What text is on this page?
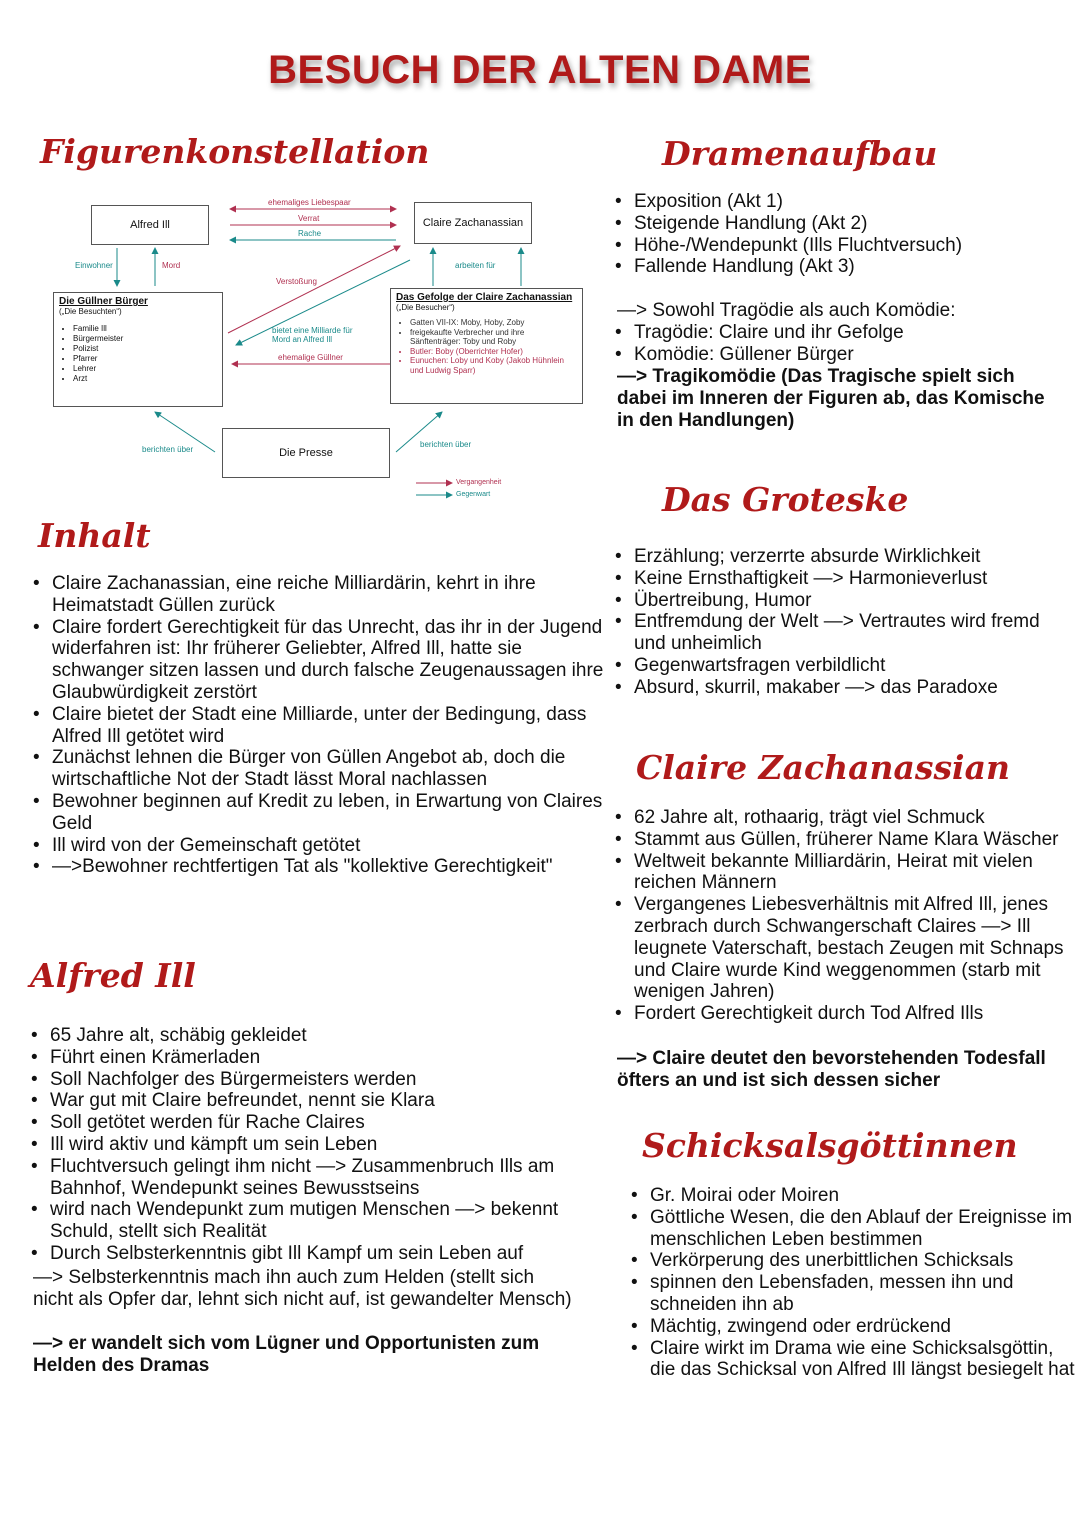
BESUCH DER ALTEN DAME
Figurenkonstellation
Alfred Ill	Claire Zachanassian
Die Güllner Bürger
(„Die Besuchten“)
• Familie Ill
• Bürgermeister
• Polizist
• Pfarrer
• Lehrer
• Arzt
Das Gefolge der Claire Zachanassian
(„Die Besucher“)
• Gatten VII-IX: Moby, Hoby, Zoby
• freigekaufte Verbrecher und ihre Sänftenträger: Toby und Roby
• Butler: Boby (Oberrichter Hofer)
• Eunuchen: Loby und Koby (Jakob Hühnlein und Ludwig Sparr)
Die Presse
ehemaliges Liebespaar
Verrat
Rache
Einwohner	Mord
Verstoßung
arbeiten für
bietet eine Milliarde für Mord an Alfred Ill
ehemalige Güllner
berichten über
berichten über
Vergangenheit
Gegenwart
Inhalt
• Claire Zachanassian, eine reiche Milliardärin, kehrt in ihre Heimatstadt Güllen zurück
• Claire fordert Gerechtigkeit für das Unrecht, das ihr in der Jugend widerfahren ist: Ihr früherer Geliebter, Alfred Ill, hatte sie schwanger sitzen lassen und durch falsche Zeugenaussagen ihre Glaubwürdigkeit zerstört
• Claire bietet der Stadt eine Milliarde, unter der Bedingung, dass Alfred Ill getötet wird
• Zunächst lehnen die Bürger von Güllen Angebot ab, doch die wirtschaftliche Not der Stadt lässt Moral nachlassen
• Bewohner beginnen auf Kredit zu leben, in Erwartung von Claires Geld
• Ill wird von der Gemeinschaft getötet
• —>Bewohner rechtfertigen Tat als "kollektive Gerechtigkeit"
Alfred Ill
• 65 Jahre alt, schäbig gekleidet
• Führt einen Krämerladen
• Soll Nachfolger des Bürgermeisters werden
• War gut mit Claire befreundet, nennt sie Klara
• Soll getötet werden für Rache Claires
• Ill wird aktiv und kämpft um sein Leben
• Fluchtversuch gelingt ihm nicht —> Zusammenbruch Ills am Bahnhof, Wendepunkt seines Bewusstseins
• wird nach Wendepunkt zum mutigen Menschen —> bekennt Schuld, stellt sich Realität
• Durch Selbsterkenntnis gibt Ill Kampf um sein Leben auf

—> Selbsterkenntnis mach ihn auch zum Helden (stellt sich nicht als Opfer dar, lehnt sich nicht auf, ist gewandelter Mensch)

—> er wandelt sich vom Lügner und Opportunisten zum Helden des Dramas

Dramenaufbau
• Exposition (Akt 1)
• Steigende Handlung (Akt 2)
• Höhe-/Wendepunkt (Ills Fluchtversuch)
• Fallende Handlung (Akt 3)

—> Sowohl Tragödie als auch Komödie:

• Tragödie: Claire und ihr Gefolge
• Komödie: Güllener Bürger

—> Tragikomödie (Das Tragische spielt sich dabei im Inneren der Figuren ab, das Komische in den Handlungen)

Das Groteske
• Erzählung; verzerrte absurde Wirklichkeit
• Keine Ernsthaftigkeit —> Harmonieverlust
• Übertreibung, Humor
• Entfremdung der Welt —> Vertrautes wird fremd und unheimlich
• Gegenwartsfragen verbildlicht
• Absurd, skurril, makaber —> das Paradoxe
Claire Zachanassian
• 62 Jahre alt, rothaarig, trägt viel Schmuck
• Stammt aus Güllen, früherer Name Klara Wäscher
• Weltweit bekannte Milliardärin, Heirat mit vielen reichen Männern
• Vergangenes Liebesverhältnis mit Alfred Ill, jenes zerbrach durch Schwangerschaft Claires —> Ill leugnete Vaterschaft, bestach Zeugen mit Schnaps und Claire wurde Kind weggenommen (starb mit wenigen Jahren)
• Fordert Gerechtigkeit durch Tod Alfred Ills

—> Claire deutet den bevorstehenden Todesfall öfters an und ist sich dessen sicher

Schicksalsgöttinnen
• Gr. Moirai oder Moiren
• Göttliche Wesen, die den Ablauf der Ereignisse im menschlichen Leben bestimmen
• Verkörperung des unerbittlichen Schicksals
• spinnen den Lebensfaden, messen ihn und schneiden ihn ab
• Mächtig, zwingend oder erdrückend
• Claire wirkt im Drama wie eine Schicksalsgöttin, die das Schicksal von Alfred Ill längst besiegelt hat
